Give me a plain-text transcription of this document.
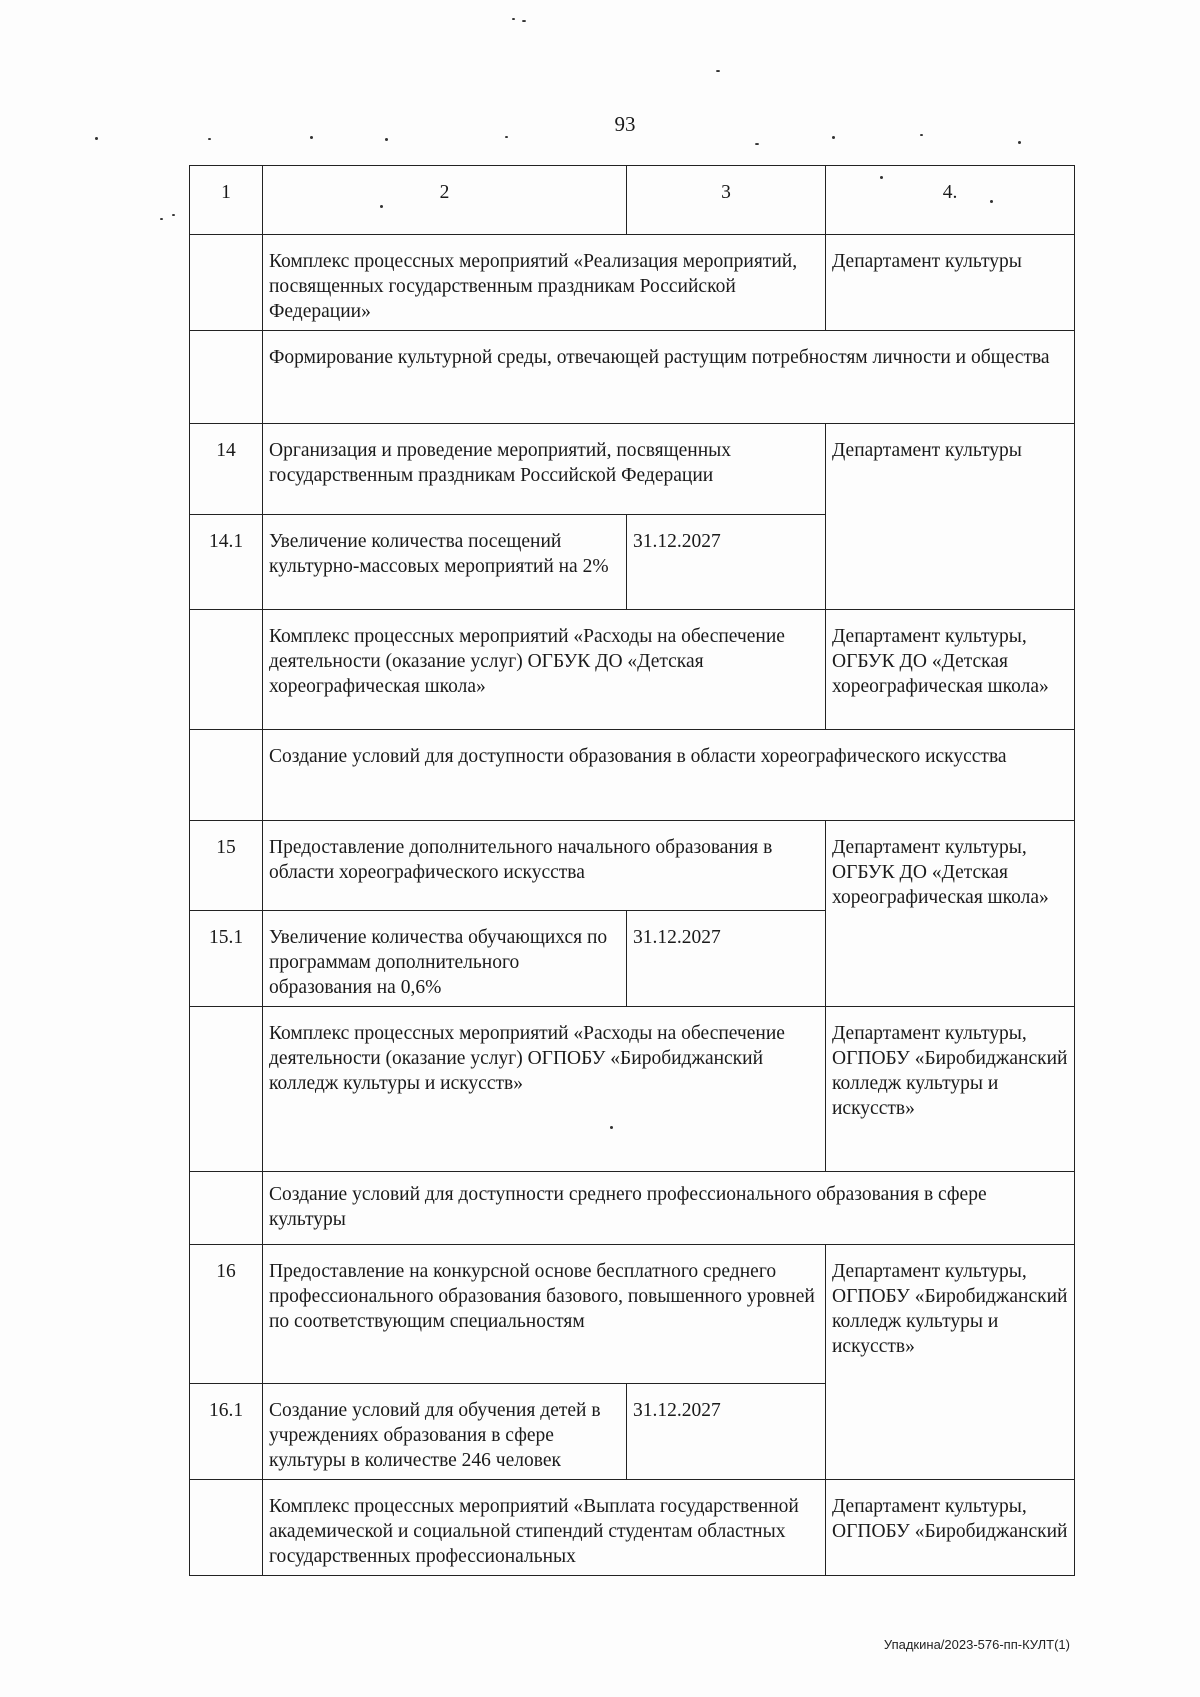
93
1	2	3	4.
	Комплекс процессных мероприятий «Реализация мероприятий, посвященных государственным праздникам Российской Федерации»		Департамент культуры
	Формирование культурной среды, отвечающей растущим потребностям личности и общества		
14	Организация и проведение мероприятий, посвященных государственным праздникам Российской Федерации		Департамент культуры
14.1	Увеличение количества посещений культурно-массовых мероприятий на 2%	31.12.2027	
	Комплекс процессных мероприятий «Расходы на обеспечение деятельности (оказание услуг) ОГБУК ДО «Детская хореографическая школа»		Департамент культуры, ОГБУК ДО «Детская хореографическая школа»
	Создание условий для доступности образования в области хореографического искусства		
15	Предоставление дополнительного начального образования в области хореографического искусства		Департамент культуры, ОГБУК ДО «Детская хореографическая школа»
15.1	Увеличение количества обучающихся по программам дополнительного образования на 0,6%	31.12.2027	
	Комплекс процессных мероприятий «Расходы на обеспечение деятельности (оказание услуг) ОГПОБУ «Биробиджанский колледж культуры и искусств»		Департамент культуры, ОГПОБУ «Биробиджанский колледж культуры и искусств»
	Создание условий для доступности среднего профессионального образования в сфере культуры		
16	Предоставление на конкурсной основе бесплатного среднего профессионального образования базового, повышенного уровней по соответствующим специальностям		Департамент культуры, ОГПОБУ «Биробиджанский колледж культуры и искусств»
16.1	Создание условий для обучения детей в учреждениях образования в сфере культуры в количестве 246 человек	31.12.2027	
	Комплекс процессных мероприятий «Выплата государственной академической и социальной стипендий студентам областных государственных профессиональных		Департамент культуры, ОГПОБУ «Биробиджанский
Упадкина/2023-576-пп-КУЛТ(1)
